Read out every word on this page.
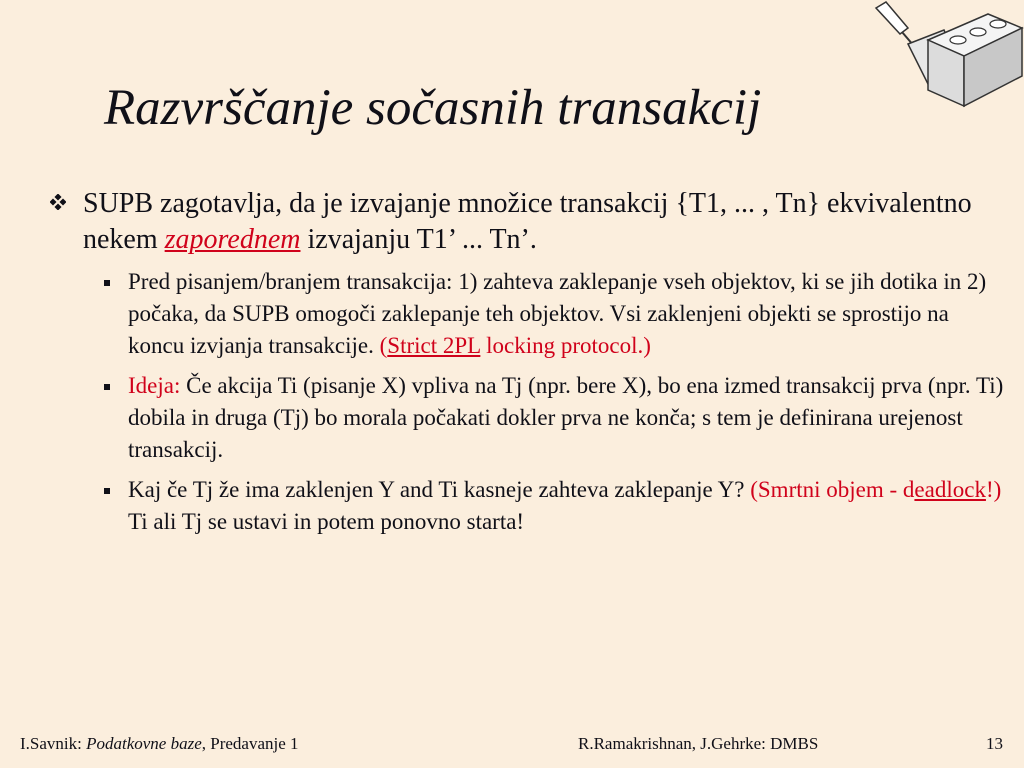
Razvrščanje sočasnih transakcij
SUPB zagotavlja, da je izvajanje množice transakcij {T1, ... , Tn} ekvivalentno nekem zaporednem izvajanju T1’ ... Tn’.
Pred pisanjem/branjem transakcija: 1) zahteva zaklepanje vseh objektov, ki se jih dotika in 2) počaka, da SUPB omogoči zaklepanje teh objektov. Vsi zaklenjeni objekti se sprostijo na koncu izvjanja transakcije. (Strict 2PL locking protocol.)
Ideja: Če akcija Ti (pisanje X) vpliva na Tj (npr. bere X), bo ena izmed transakcij prva (npr. Ti) dobila in druga (Tj) bo morala počakati dokler prva ne konča; s tem je definirana urejenost transakcij.
Kaj če Tj že ima zaklenjen Y and Ti kasneje zahteva zaklepanje Y? (Smrtni objem - deadlock!) Ti ali Tj se ustavi in potem ponovno starta!
I.Savnik: Podatkovne baze, Predavanje 1	R.Ramakrishnan, J.Gehrke: DMBS	13
